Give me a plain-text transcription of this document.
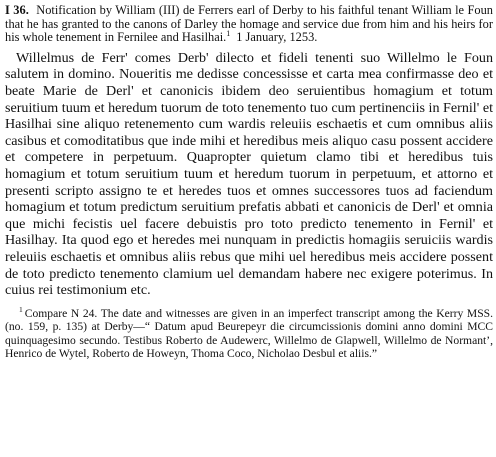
I 36. Notification by William (III) de Ferrers earl of Derby to his faithful tenant William le Foun that he has granted to the canons of Darley the homage and service due from him and his heirs for his whole tenement in Fernilee and Hasilhai.$^1$ 1 January, 1253.

Willelmus de Ferr' comes Derb' dilecto et fideli tenenti suo Willelmo le Foun salutem in domino. Noueritis me dedisse concessisse et carta mea confirmasse deo et beate Marie de Derl' et canonicis ibidem deo seruientibus homagium et totum seruitium tuum et heredum tuorum de toto tenemento tuo cum pertinenciis in Fernil' et Hasilhai sine aliquo retenemento cum wardis releuiis eschaetis et cum omnibus aliis casibus et comoditatibus que inde mihi et heredibus meis aliquo casu possent accidere et competere in perpetuum. Quapropter quietum clamo tibi et heredibus tuis homagium et totum seruitium tuum et heredum tuorum in perpetuum, et attorno et presenti scripto assigno te et heredes tuos et omnes successores tuos ad faciendum homagium et totum predictum seruitium prefatis abbati et canonicis de Derl' et omnia que michi fecistis uel facere debuistis pro toto predicto tenemento in Fernil' et Hasilhay. Ita quod ego et heredes mei nunquam in predictis homagiis seruiciis wardis releuiis eschaetis et omnibus aliis rebus que mihi uel heredibus meis accidere possent de toto predicto tenemento clamium uel demandam habere nec exigere poterimus. In cuius rei testimonium etc.

$^1$ Compare N 24. The date and witnesses are given in an imperfect transcript among the Kerry MSS. (no. 159, p. 135) at Derby—“ Datum apud Beurepeyr die circumcissionis domini anno domini MCC quinquagesimo secundo. Testibus Roberto de Audewerc, Willelmo de Glapwell, Willelmo de Normant’, Henrico de Wytel, Roberto de Howeyn, Thoma Coco, Nicholao Desbul et aliis.”
